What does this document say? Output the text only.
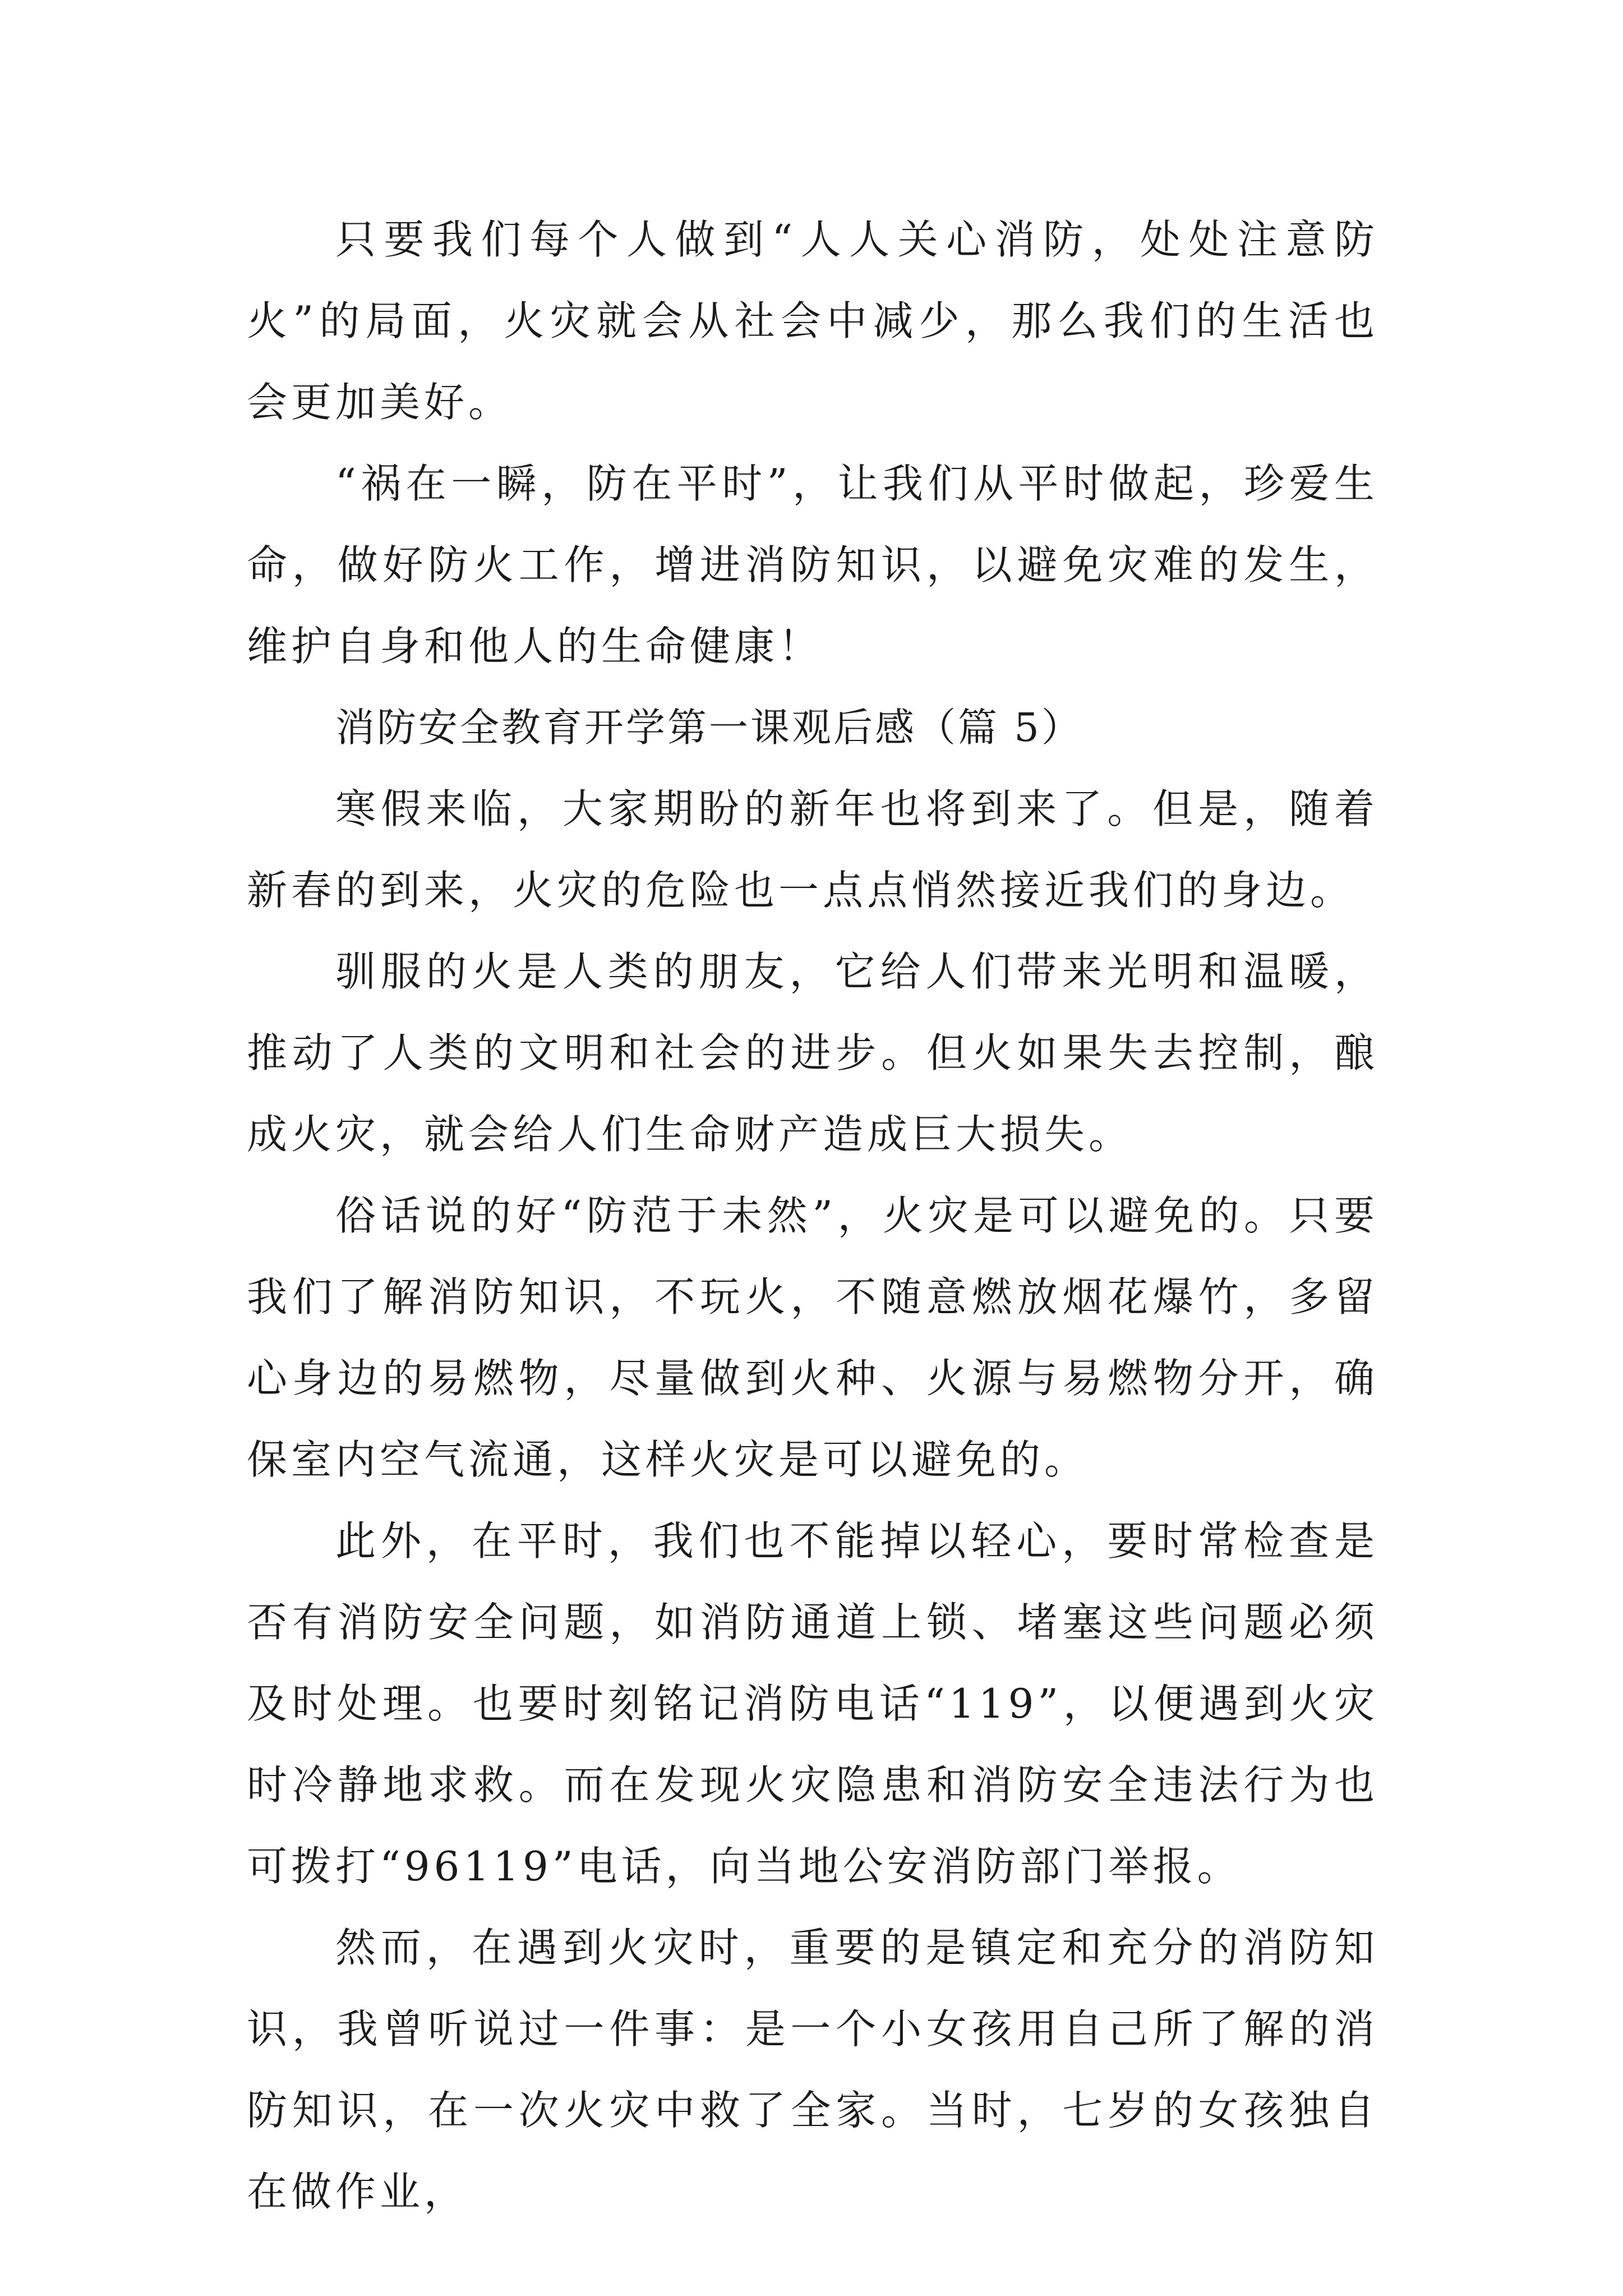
只要我们每个人做到“人人关心消防，处处注意防火”的局面，火灾就会从社会中减少，那么我们的生活也会更加美好。

“祸在一瞬，防在平时”，让我们从平时做起，珍爱生命，做好防火工作，增进消防知识，以避免灾难的发生，维护自身和他人的生命健康！

消防安全教育开学第一课观后感（篇 5）

寒假来临，大家期盼的新年也将到来了。但是，随着新春的到来，火灾的危险也一点点悄然接近我们的身边。

驯服的火是人类的朋友，它给人们带来光明和温暖，推动了人类的文明和社会的进步。但火如果失去控制，酿成火灾，就会给人们生命财产造成巨大损失。

俗话说的好“防范于未然”，火灾是可以避免的。只要我们了解消防知识，不玩火，不随意燃放烟花爆竹，多留心身边的易燃物，尽量做到火种、火源与易燃物分开，确保室内空气流通，这样火灾是可以避免的。

此外，在平时，我们也不能掉以轻心，要时常检查是否有消防安全问题，如消防通道上锁、堵塞这些问题必须及时处理。也要时刻铭记消防电话“119”，以便遇到火灾时冷静地求救。而在发现火灾隐患和消防安全违法行为也可拨打“96119”电话，向当地公安消防部门举报。

然而，在遇到火灾时，重要的是镇定和充分的消防知识，我曾听说过一件事：是一个小女孩用自己所了解的消防知识，在一次火灾中救了全家。当时，七岁的女孩独自在做作业，
